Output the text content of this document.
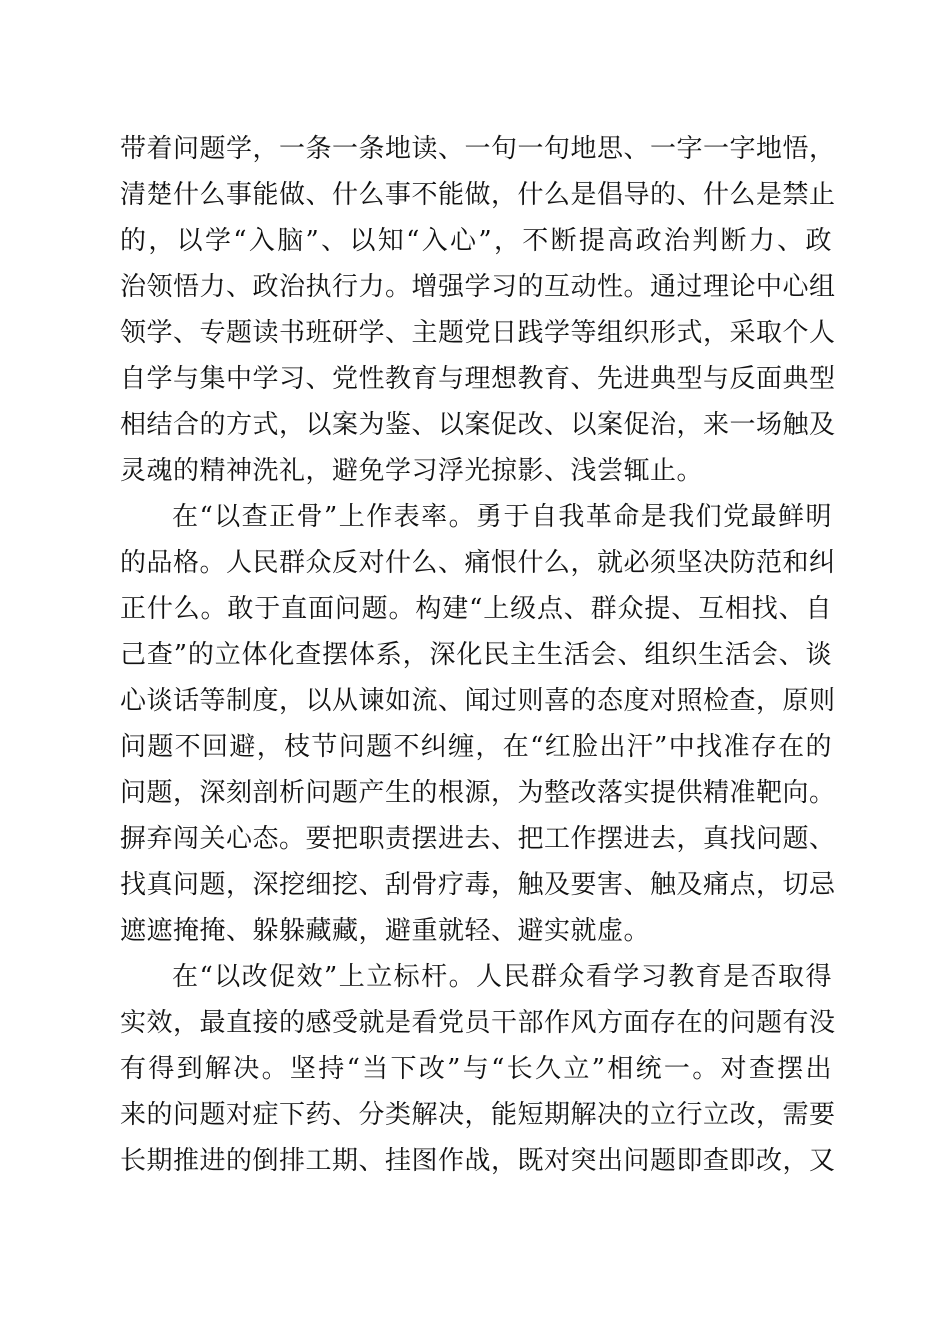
带着问题学，一条一条地读、一句一句地思、一字一字地悟，
清楚什么事能做、什么事不能做，什么是倡导的、什么是禁止
的，以学“入脑”、以知“入心”，不断提高政治判断力、政
治领悟力、政治执行力。增强学习的互动性。通过理论中心组
领学、专题读书班研学、主题党日践学等组织形式，采取个人
自学与集中学习、党性教育与理想教育、先进典型与反面典型
相结合的方式，以案为鉴、以案促改、以案促治，来一场触及
灵魂的精神洗礼，避免学习浮光掠影、浅尝辄止。
在“以查正骨”上作表率。勇于自我革命是我们党最鲜明
的品格。人民群众反对什么、痛恨什么，就必须坚决防范和纠
正什么。敢于直面问题。构建“上级点、群众提、互相找、自
己查”的立体化查摆体系，深化民主生活会、组织生活会、谈
心谈话等制度，以从谏如流、闻过则喜的态度对照检查，原则
问题不回避，枝节问题不纠缠，在“红脸出汗”中找准存在的
问题，深刻剖析问题产生的根源，为整改落实提供精准靶向。
摒弃闯关心态。要把职责摆进去、把工作摆进去，真找问题、
找真问题，深挖细挖、刮骨疗毒，触及要害、触及痛点，切忌
遮遮掩掩、躲躲藏藏，避重就轻、避实就虚。
在“以改促效”上立标杆。人民群众看学习教育是否取得
实效，最直接的感受就是看党员干部作风方面存在的问题有没
有得到解决。坚持“当下改”与“长久立”相统一。对查摆出
来的问题对症下药、分类解决，能短期解决的立行立改，需要
长期推进的倒排工期、挂图作战，既对突出问题即查即改，又
